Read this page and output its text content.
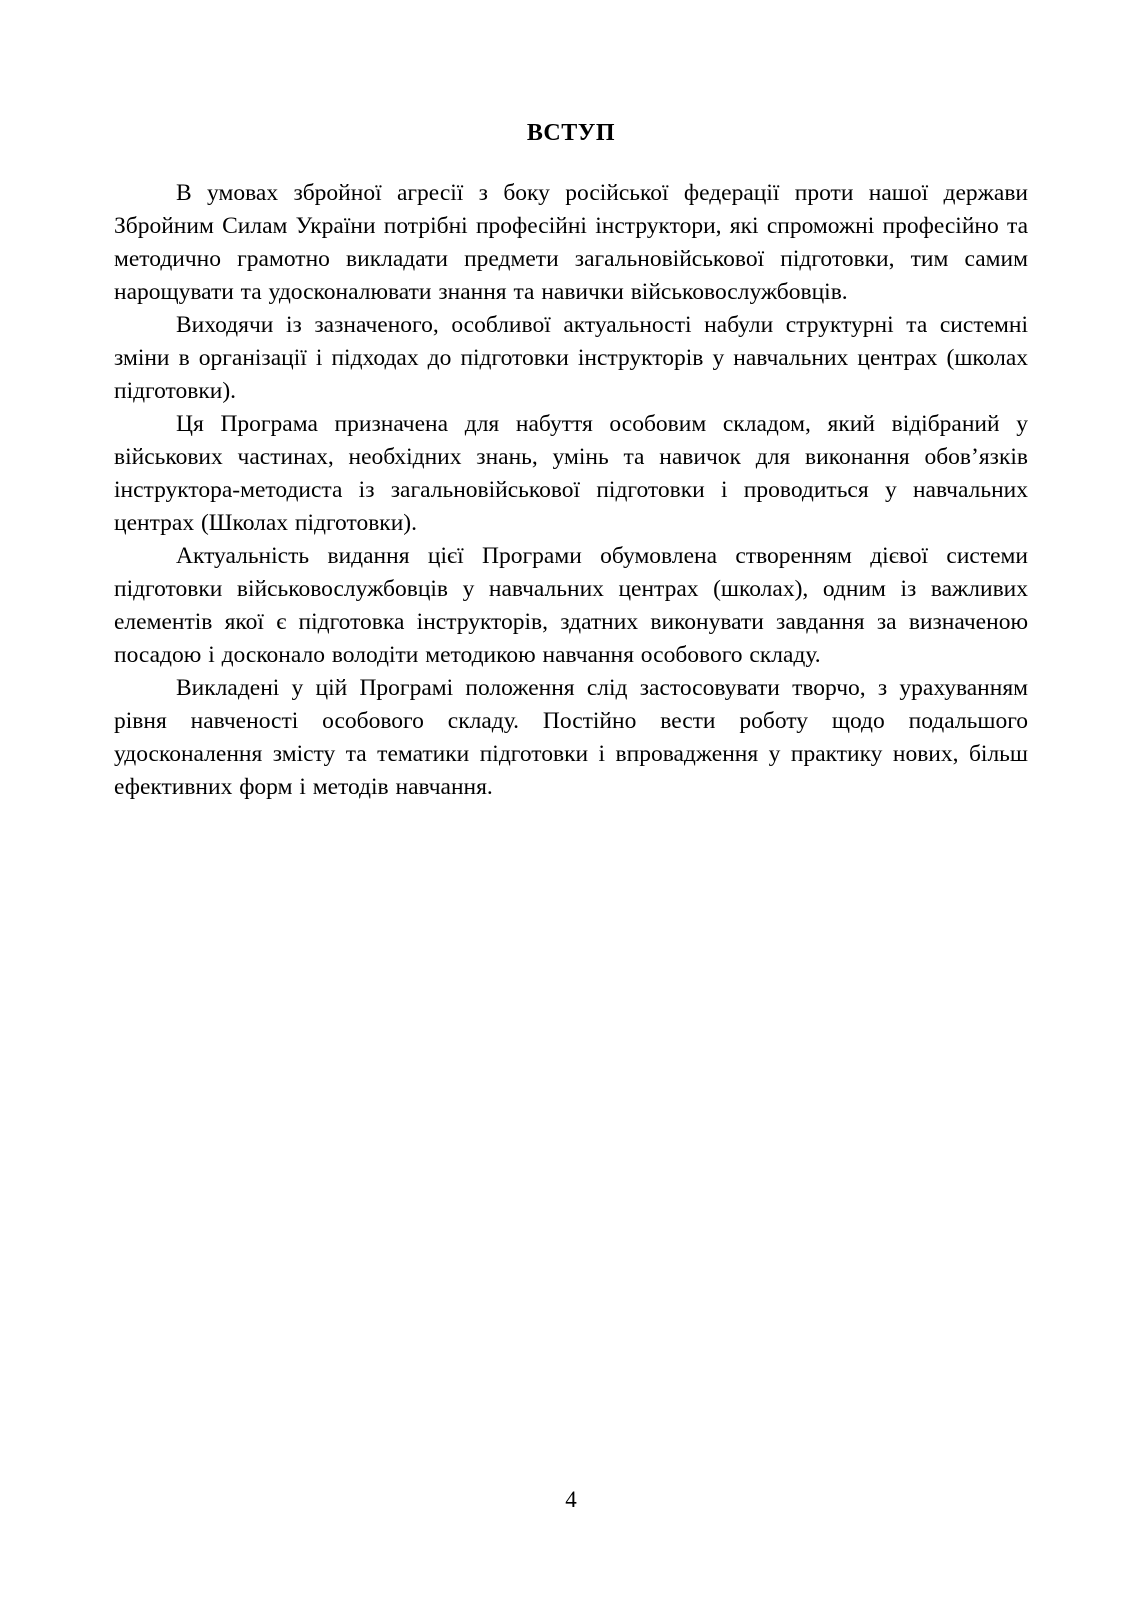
ВСТУП

В умовах збройної агресії з боку російської федерації проти нашої держави Збройним Силам України потрібні професійні інструктори, які спроможні професійно та методично грамотно викладати предмети загальновійськової підготовки, тим самим нарощувати та удосконалювати знання та навички військовослужбовців.

Виходячи із зазначеного, особливої актуальності набули структурні та системні зміни в організації і підходах до підготовки інструкторів у навчальних центрах (школах підготовки).

Ця Програма призначена для набуття особовим складом, який відібраний у військових частинах, необхідних знань, умінь та навичок для виконання обов’язків інструктора-методиста із загальновійськової підготовки і проводиться у навчальних центрах (Школах підготовки).

Актуальність видання цієї Програми обумовлена створенням дієвої системи підготовки військовослужбовців у навчальних центрах (школах), одним із важливих елементів якої є підготовка інструкторів, здатних виконувати завдання за визначеною посадою і досконало володіти методикою навчання особового складу.

Викладені у цій Програмі положення слід застосовувати творчо, з урахуванням рівня навченості особового складу. Постійно вести роботу щодо подальшого удосконалення змісту та тематики підготовки і впровадження у практику нових, більш ефективних форм і методів навчання.

4
